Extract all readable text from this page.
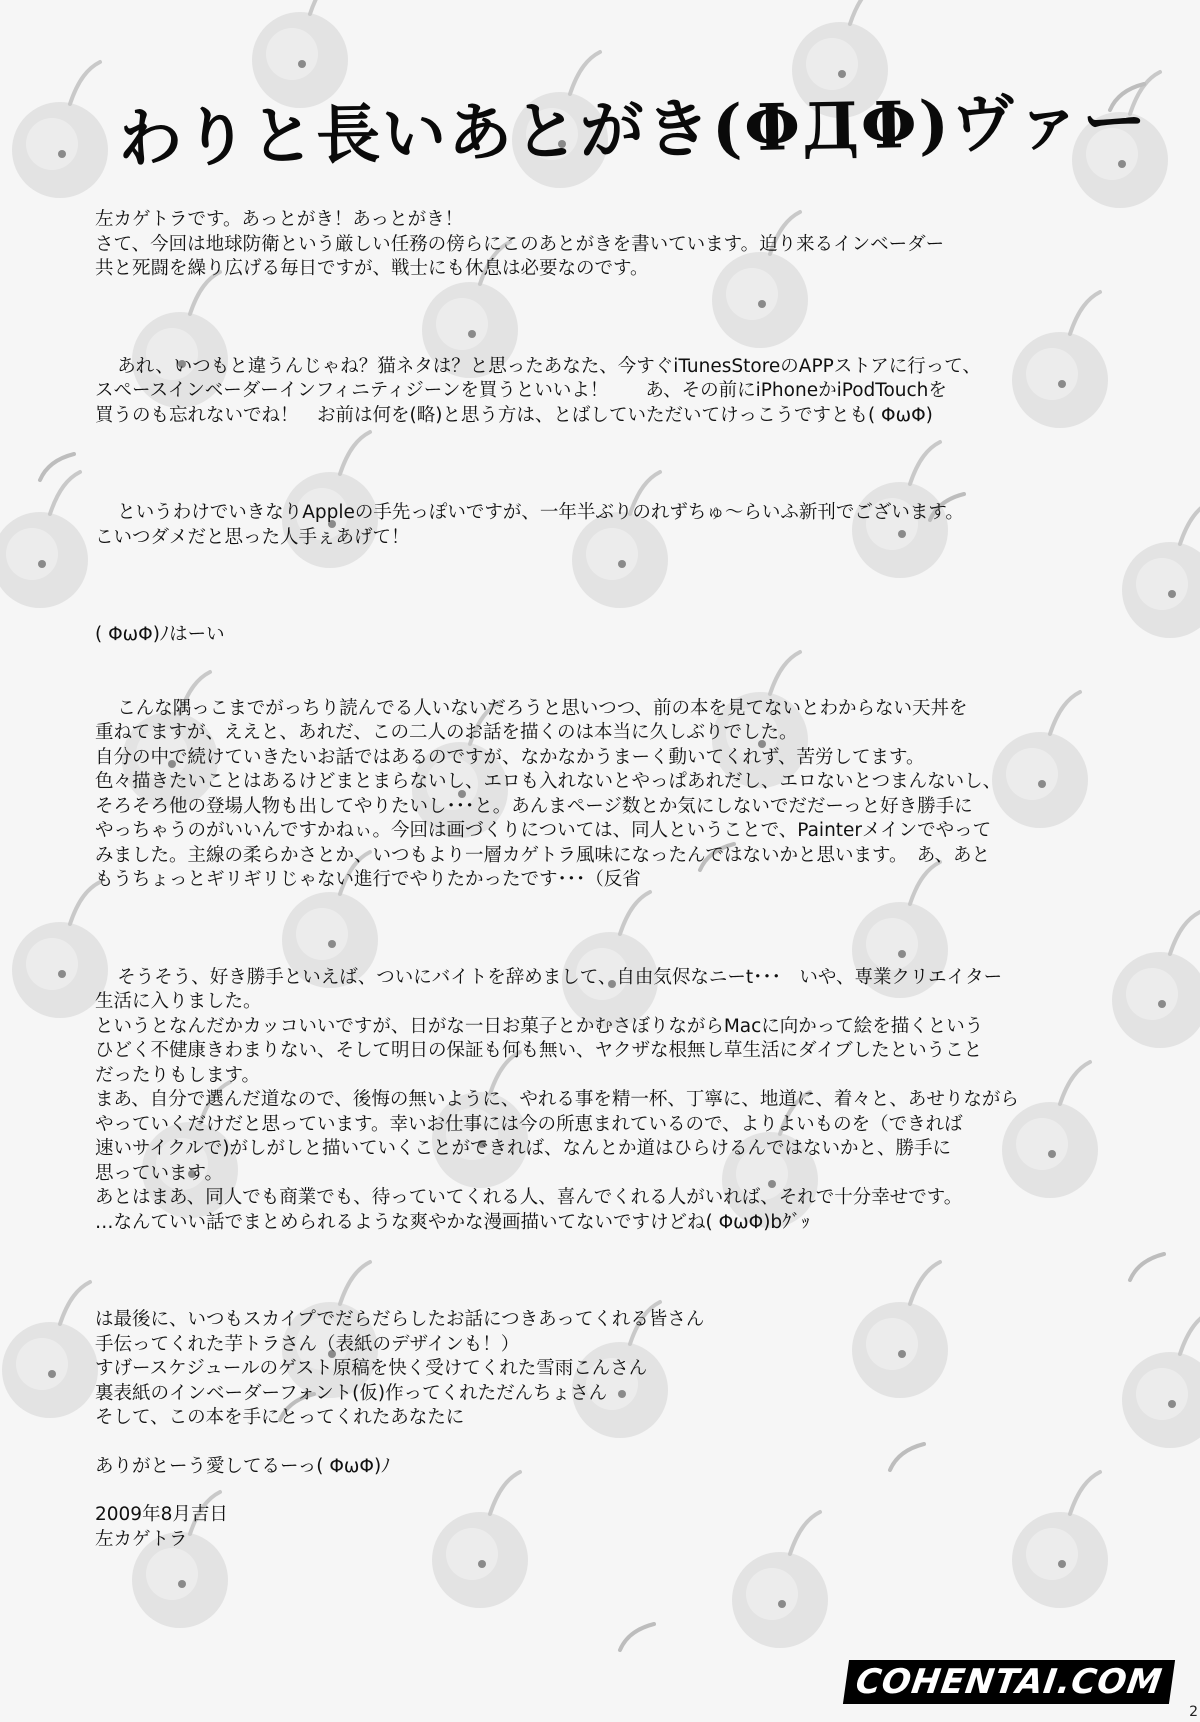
わりと長いあとがき(ΦДΦ)ヴァー
左カゲトラです。あっとがき！あっとがき！
さて、今回は地球防衛という厳しい任務の傍らにこのあとがきを書いています。迫り来るインベーダー
共と死闘を繰り広げる毎日ですが、戦士にも休息は必要なのです。
あれ、いつもと違うんじゃね？猫ネタは？と思ったあなた、今すぐiTunesStoreのAPPストアに行って、
スペースインベーダーインフィニティジーンを買うといいよ！　　あ、その前にiPhoneかiPodTouchを
買うのも忘れないでね！　お前は何を(略)と思う方は、とばしていただいてけっこうですとも( ΦωΦ)
というわけでいきなりAppleの手先っぽいですが、一年半ぶりのれずちゅ～らいふ新刊でございます。
こいつダメだと思った人手ぇあげて！
( ΦωΦ)ﾉはーい
こんな隅っこまでがっちり読んでる人いないだろうと思いつつ、前の本を見てないとわからない天丼を
重ねてますが、ええと、あれだ、この二人のお話を描くのは本当に久しぶりでした。
自分の中で続けていきたいお話ではあるのですが、なかなかうまーく動いてくれず、苦労してます。
色々描きたいことはあるけどまとまらないし、エロも入れないとやっぱあれだし、エロないとつまんないし、
そろそろ他の登場人物も出してやりたいし･･･と。あんまページ数とか気にしないでだだーっと好き勝手に
やっちゃうのがいいんですかねぃ。今回は画づくりについては、同人ということで、Painterメインでやって
みました。主線の柔らかさとか、いつもより一層カゲトラ風味になったんではないかと思います。　あ、あと
もうちょっとギリギリじゃない進行でやりたかったです･･･（反省
そうそう、好き勝手といえば、ついにバイトを辞めまして、自由気侭なニーt･･･　いや、専業クリエイター
生活に入りました。
というとなんだかカッコいいですが、日がな一日お菓子とかむさぼりながらMacに向かって絵を描くという
ひどく不健康きわまりない、そして明日の保証も何も無い、ヤクザな根無し草生活にダイブしたということ
だったりもします。
まあ、自分で選んだ道なので、後悔の無いように、やれる事を精一杯、丁寧に、地道に、着々と、あせりながら
やっていくだけだと思っています。幸いお仕事には今の所恵まれているので、よりよいものを（できれば
速いサイクルで)がしがしと描いていくことができれば、なんとか道はひらけるんではないかと、勝手に
思っています。
あとはまあ、同人でも商業でも、待っていてくれる人、喜んでくれる人がいれば、それで十分幸せです。
…なんていい話でまとめられるような爽やかな漫画描いてないですけどね( ΦωΦ)bｸﾞｯ
は最後に、いつもスカイプでだらだらしたお話につきあってくれる皆さん
手伝ってくれた芋トラさん（表紙のデザインも！）
すげースケジュールのゲスト原稿を快く受けてくれた雪雨こんさん
裏表紙のインベーダーフォント(仮)作ってくれただんちょさん
そして、この本を手にとってくれたあなたに
ありがとーう愛してるーっ( ΦωΦ)ﾉ
2009年8月吉日
左カゲトラ
COHENTAI.COM
2
